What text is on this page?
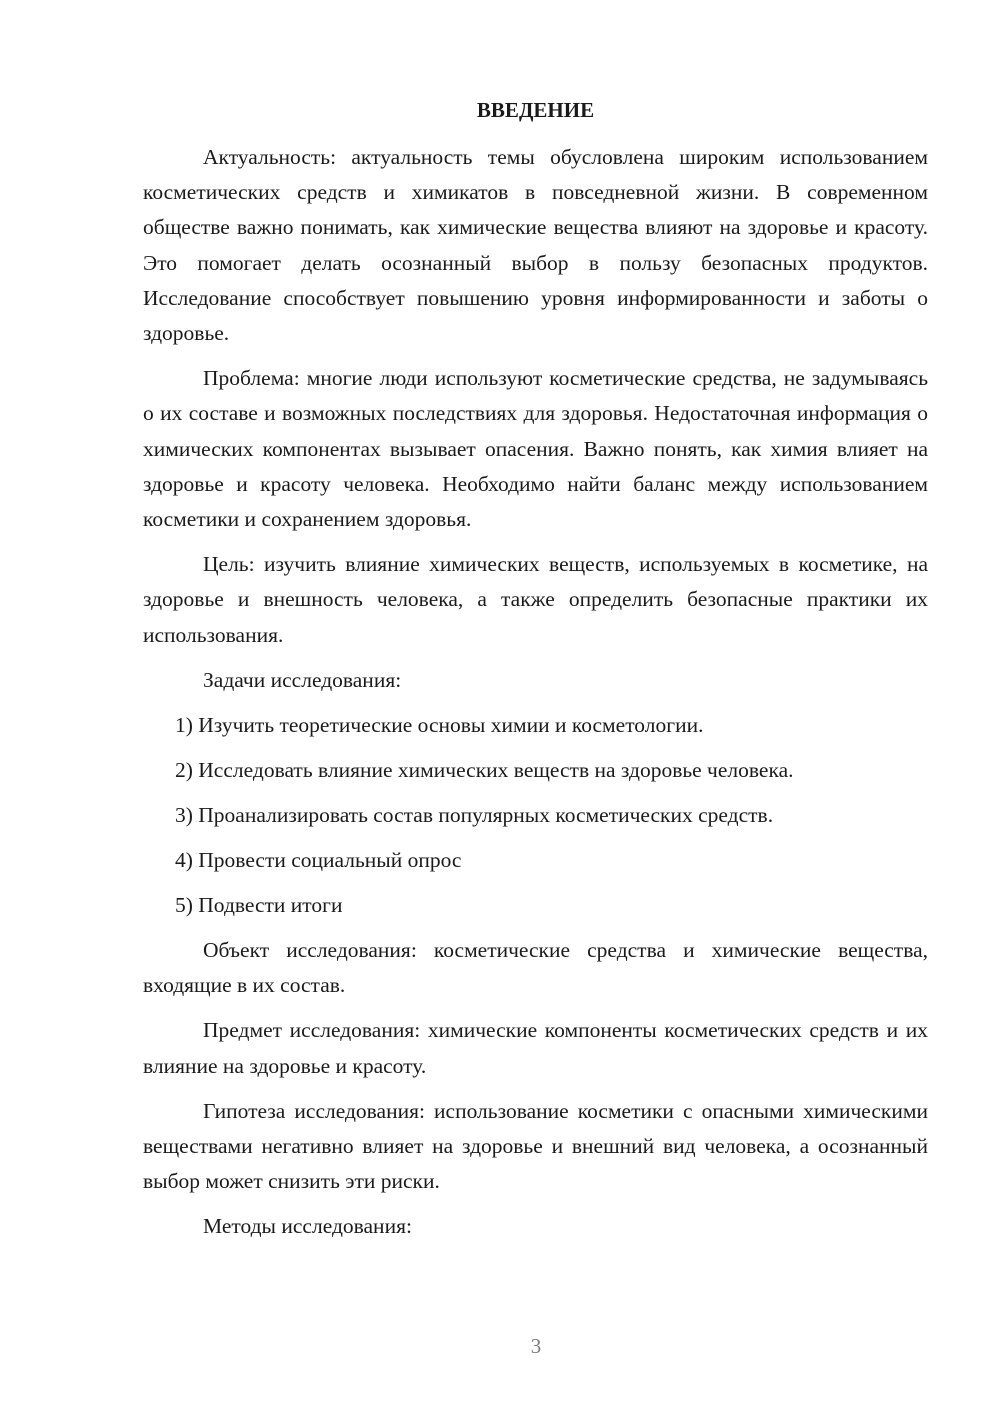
ВВЕДЕНИЕ

Актуальность: актуальность темы обусловлена широким использованием косметических средств и химикатов в повседневной жизни. В современном обществе важно понимать, как химические вещества влияют на здоровье и красоту. Это помогает делать осознанный выбор в пользу безопасных продуктов. Исследование способствует повышению уровня информированности и заботы о здоровье.

Проблема: многие люди используют косметические средства, не задумываясь о их составе и возможных последствиях для здоровья. Недостаточная информация о химических компонентах вызывает опасения. Важно понять, как химия влияет на здоровье и красоту человека. Необходимо найти баланс между использованием косметики и сохранением здоровья.

Цель: изучить влияние химических веществ, используемых в косметике, на здоровье и внешность человека, а также определить безопасные практики их использования.

Задачи исследования:

1) Изучить теоретические основы химии и косметологии.
2) Исследовать влияние химических веществ на здоровье человека.
3) Проанализировать состав популярных косметических средств.
4) Провести социальный опрос
5) Подвести итоги

Объект исследования: косметические средства и химические вещества, входящие в их состав.

Предмет исследования: химические компоненты косметических средств и их влияние на здоровье и красоту.

Гипотеза исследования: использование косметики с опасными химическими веществами негативно влияет на здоровье и внешний вид человека, а осознанный выбор может снизить эти риски.

Методы исследования:

3
